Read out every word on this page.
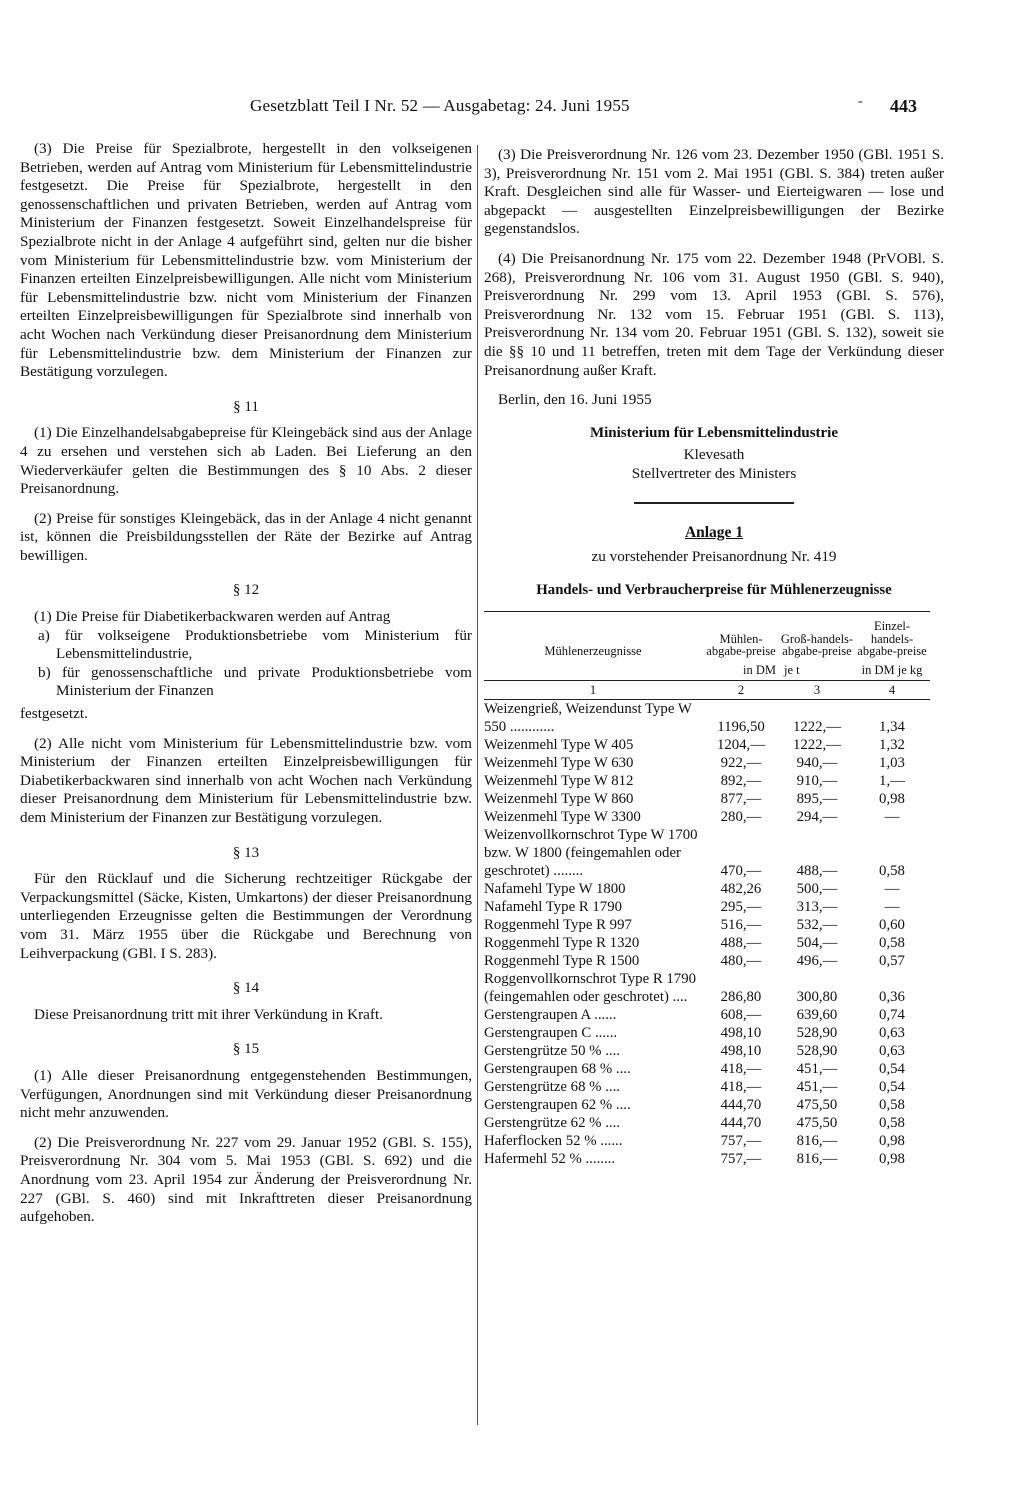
Gesetzblatt Teil I Nr. 52 — Ausgabetag: 24. Juni 1955	- 443

(3) Die Preise für Spezialbrote, hergestellt in den volkseigenen Betrieben, werden auf Antrag vom Ministerium für Lebensmittelindustrie festgesetzt. Die Preise für Spezialbrote, hergestellt in den genossenschaftlichen und privaten Betrieben, werden auf Antrag vom Ministerium der Finanzen festgesetzt. Soweit Einzelhandelspreise für Spezialbrote nicht in der Anlage 4 aufgeführt sind, gelten nur die bisher vom Ministerium für Lebensmittelindustrie bzw. vom Ministerium der Finanzen erteilten Einzelpreisbewilligungen. Alle nicht vom Ministerium für Lebensmittelindustrie bzw. nicht vom Ministerium der Finanzen erteilten Einzelpreisbewilligungen für Spezialbrote sind innerhalb von acht Wochen nach Verkündung dieser Preisanordnung dem Ministerium für Lebensmittelindustrie bzw. dem Ministerium der Finanzen zur Bestätigung vorzulegen.

§ 11

(1) Die Einzelhandelsabgabepreise für Kleingebäck sind aus der Anlage 4 zu ersehen und verstehen sich ab Laden. Bei Lieferung an den Wiederverkäufer gelten die Bestimmungen des § 10 Abs. 2 dieser Preisanordnung.

(2) Preise für sonstiges Kleingebäck, das in der Anlage 4 nicht genannt ist, können die Preisbildungsstellen der Räte der Bezirke auf Antrag bewilligen.

§ 12

(1) Die Preise für Diabetikerbackwaren werden auf Antrag

a) für volkseigene Produktionsbetriebe vom Ministerium für Lebensmittelindustrie,

b) für genossenschaftliche und private Produktionsbetriebe vom Ministerium der Finanzen

festgesetzt.

(2) Alle nicht vom Ministerium für Lebensmittelindustrie bzw. vom Ministerium der Finanzen erteilten Einzelpreisbewilligungen für Diabetikerbackwaren sind innerhalb von acht Wochen nach Verkündung dieser Preisanordnung dem Ministerium für Lebensmittelindustrie bzw. dem Ministerium der Finanzen zur Bestätigung vorzulegen.

§ 13

Für den Rücklauf und die Sicherung rechtzeitiger Rückgabe der Verpackungsmittel (Säcke, Kisten, Umkartons) der dieser Preisanordnung unterliegenden Erzeugnisse gelten die Bestimmungen der Verordnung vom 31. März 1955 über die Rückgabe und Berechnung von Leihverpackung (GBl. I S. 283).

§ 14

Diese Preisanordnung tritt mit ihrer Verkündung in Kraft.

§ 15

(1) Alle dieser Preisanordnung entgegenstehenden Bestimmungen, Verfügungen, Anordnungen sind mit Verkündung dieser Preisanordnung nicht mehr anzuwenden.

(2) Die Preisverordnung Nr. 227 vom 29. Januar 1952 (GBl. S. 155), Preisverordnung Nr. 304 vom 5. Mai 1953 (GBl. S. 692) und die Anordnung vom 23. April 1954 zur Änderung der Preisverordnung Nr. 227 (GBl. S. 460) sind mit Inkrafttreten dieser Preisanordnung aufgehoben.

(3) Die Preisverordnung Nr. 126 vom 23. Dezember 1950 (GBl. 1951 S. 3), Preisverordnung Nr. 151 vom 2. Mai 1951 (GBl. S. 384) treten außer Kraft. Desgleichen sind alle für Wasser- und Eierteigwaren — lose und abgepackt — ausgestellten Einzelpreisbewilligungen der Bezirke gegenstandslos.

(4) Die Preisanordnung Nr. 175 vom 22. Dezember 1948 (PrVOBl. S. 268), Preisverordnung Nr. 106 vom 31. August 1950 (GBl. S. 940), Preisverordnung Nr. 299 vom 13. April 1953 (GBl. S. 576), Preisverordnung Nr. 132 vom 15. Februar 1951 (GBl. S. 113), Preisverordnung Nr. 134 vom 20. Februar 1951 (GBl. S. 132), soweit sie die §§ 10 und 11 betreffen, treten mit dem Tage der Verkündung dieser Preisanordnung außer Kraft.

Berlin, den 16. Juni 1955

Ministerium für Lebensmittelindustrie

Klevesath

Stellvertreter des Ministers

Anlage 1

zu vorstehender Preisanordnung Nr. 419

Handels- und Verbraucherpreise für Mühlenerzeugnisse

Mühlenerzeugnisse	Mühlen-abgabe-preise	Groß-handels-abgabe-preise	Einzel-handels-abgabe-preise
	in DM	je t	in DM je kg
1	2	3	4
Weizengrieß, Weizendunst Type W 550 ............	1196,50	1222,—	1,34
Weizenmehl Type W 405	1204,—	1222,—	1,32
Weizenmehl Type W 630	922,—	940,—	1,03
Weizenmehl Type W 812	892,—	910,—	1,—
Weizenmehl Type W 860	877,—	895,—	0,98
Weizenmehl Type W 3300	280,—	294,—	—
Weizenvollkornschrot Type W 1700 bzw. W 1800 (feingemahlen oder geschrotet) ........	470,—	488,—	0,58
Nafamehl Type W 1800	482,26	500,—	—
Nafamehl Type R 1790	295,—	313,—	—
Roggenmehl Type R 997	516,—	532,—	0,60
Roggenmehl Type R 1320	488,—	504,—	0,58
Roggenmehl Type R 1500	480,—	496,—	0,57
Roggenvollkornschrot Type R 1790 (feingemahlen oder geschrotet) ....	286,80	300,80	0,36
Gerstengraupen A ......	608,—	639,60	0,74
Gerstengraupen C ......	498,10	528,90	0,63
Gerstengrütze 50 % ....	498,10	528,90	0,63
Gerstengraupen 68 % ....	418,—	451,—	0,54
Gerstengrütze 68 % ....	418,—	451,—	0,54
Gerstengraupen 62 % ....	444,70	475,50	0,58
Gerstengrütze 62 % ....	444,70	475,50	0,58
Haferflocken 52 % ......	757,—	816,—	0,98
Hafermehl 52 % ........	757,—	816,—	0,98
